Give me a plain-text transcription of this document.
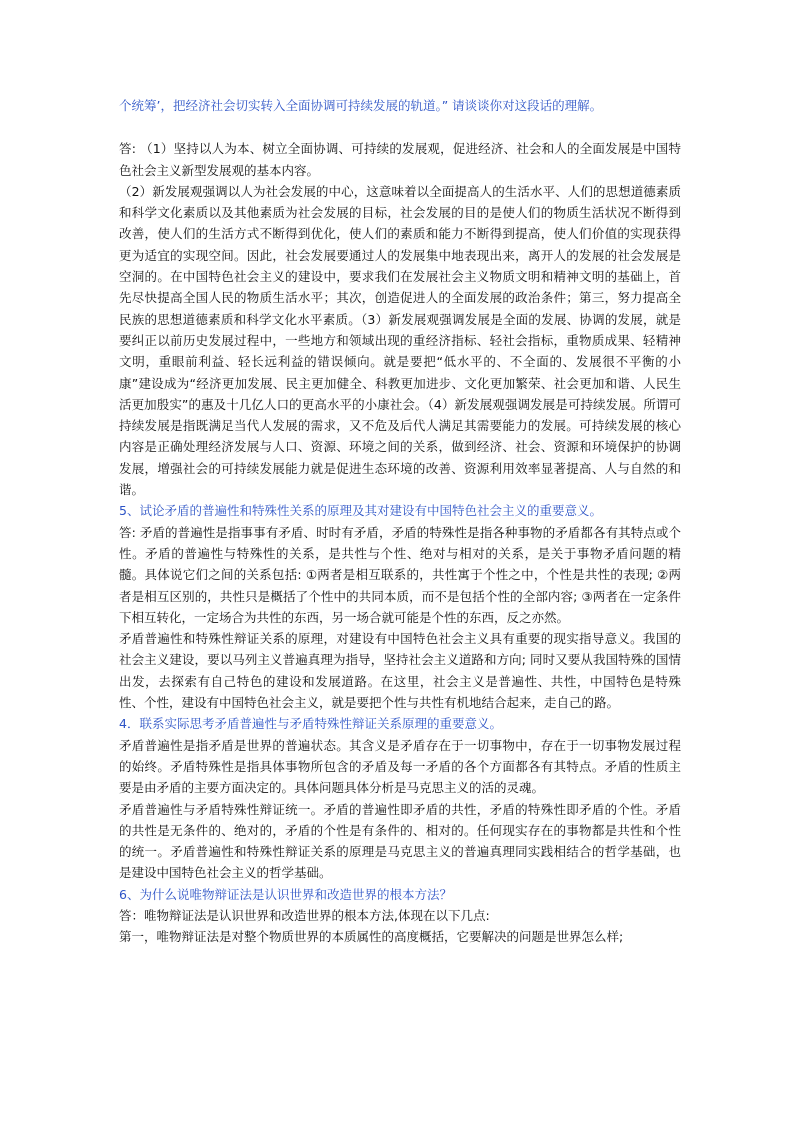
个统筹’，把经济社会切实转入全面协调可持续发展的轨道。” 请谈谈你对这段话的理解。

答: （1）坚持以人为本、树立全面协调、可持续的发展观，促进经济、社会和人的全面发展是中国特色社会主义新型发展观的基本内容。

（2）新发展观强调以人为社会发展的中心，这意味着以全面提高人的生活水平、人们的思想道德素质和科学文化素质以及其他素质为社会发展的目标，社会发展的目的是使人们的物质生活状况不断得到改善，使人们的生活方式不断得到优化，使人们的素质和能力不断得到提高，使人们价值的实现获得更为适宜的实现空间。因此，社会发展要通过人的发展集中地表现出来，离开人的发展的社会发展是空洞的。在中国特色社会主义的建设中，要求我们在发展社会主义物质文明和精神文明的基础上，首先尽快提高全国人民的物质生活水平；其次，创造促进人的全面发展的政治条件；第三，努力提高全民族的思想道德素质和科学文化水平素质。（3）新发展观强调发展是全面的发展、协调的发展，就是要纠正以前历史发展过程中，一些地方和领域出现的重经济指标、轻社会指标，重物质成果、轻精神文明，重眼前利益、轻长远利益的错误倾向。就是要把“低水平的、不全面的、发展很不平衡的小康”建设成为“经济更加发展、民主更加健全、科教更加进步、文化更加繁荣、社会更加和谐、人民生活更加殷实”的惠及十几亿人口的更高水平的小康社会。（4）新发展观强调发展是可持续发展。所谓可持续发展是指既满足当代人发展的需求，又不危及后代人满足其需要能力的发展。可持续发展的核心内容是正确处理经济发展与人口、资源、环境之间的关系，做到经济、社会、资源和环境保护的协调发展，增强社会的可持续发展能力就是促进生态环境的改善、资源利用效率显著提高、人与自然的和谐。

5、试论矛盾的普遍性和特殊性关系的原理及其对建设有中国特色社会主义的重要意义。

答: 矛盾的普遍性是指事事有矛盾、时时有矛盾，矛盾的特殊性是指各种事物的矛盾都各有其特点或个性。矛盾的普遍性与特殊性的关系，是共性与个性、绝对与相对的关系，是关于事物矛盾问题的精髓。具体说它们之间的关系包括: ①两者是相互联系的，共性寓于个性之中，个性是共性的表现; ②两者是相互区别的，共性只是概括了个性中的共同本质，而不是包括个性的全部内容; ③两者在一定条件下相互转化，一定场合为共性的东西，另一场合就可能是个性的东西，反之亦然。

矛盾普遍性和特殊性辩证关系的原理，对建设有中国特色社会主义具有重要的现实指导意义。我国的社会主义建设，要以马列主义普遍真理为指导，坚持社会主义道路和方向; 同时又要从我国特殊的国情出发，去探索有自己特色的建设和发展道路。在这里，社会主义是普遍性、共性，中国特色是特殊性、个性，建设有中国特色社会主义，就是要把个性与共性有机地结合起来，走自己的路。

4．联系实际思考矛盾普遍性与矛盾特殊性辩证关系原理的重要意义。

矛盾普遍性是指矛盾是世界的普遍状态。其含义是矛盾存在于一切事物中，存在于一切事物发展过程的始终。矛盾特殊性是指具体事物所包含的矛盾及每一矛盾的各个方面都各有其特点。矛盾的性质主要是由矛盾的主要方面决定的。具体问题具体分析是马克思主义的活的灵魂。

矛盾普遍性与矛盾特殊性辩证统一。矛盾的普遍性即矛盾的共性，矛盾的特殊性即矛盾的个性。矛盾的共性是无条件的、绝对的，矛盾的个性是有条件的、相对的。任何现实存在的事物都是共性和个性的统一。矛盾普遍性和特殊性辩证关系的原理是马克思主义的普遍真理同实践相结合的哲学基础，也是建设中国特色社会主义的哲学基础。

6、为什么说唯物辩证法是认识世界和改造世界的根本方法？

答：唯物辩证法是认识世界和改造世界的根本方法,体现在以下几点:

第一，唯物辩证法是对整个物质世界的本质属性的高度概括，它要解决的问题是世界怎么样;
